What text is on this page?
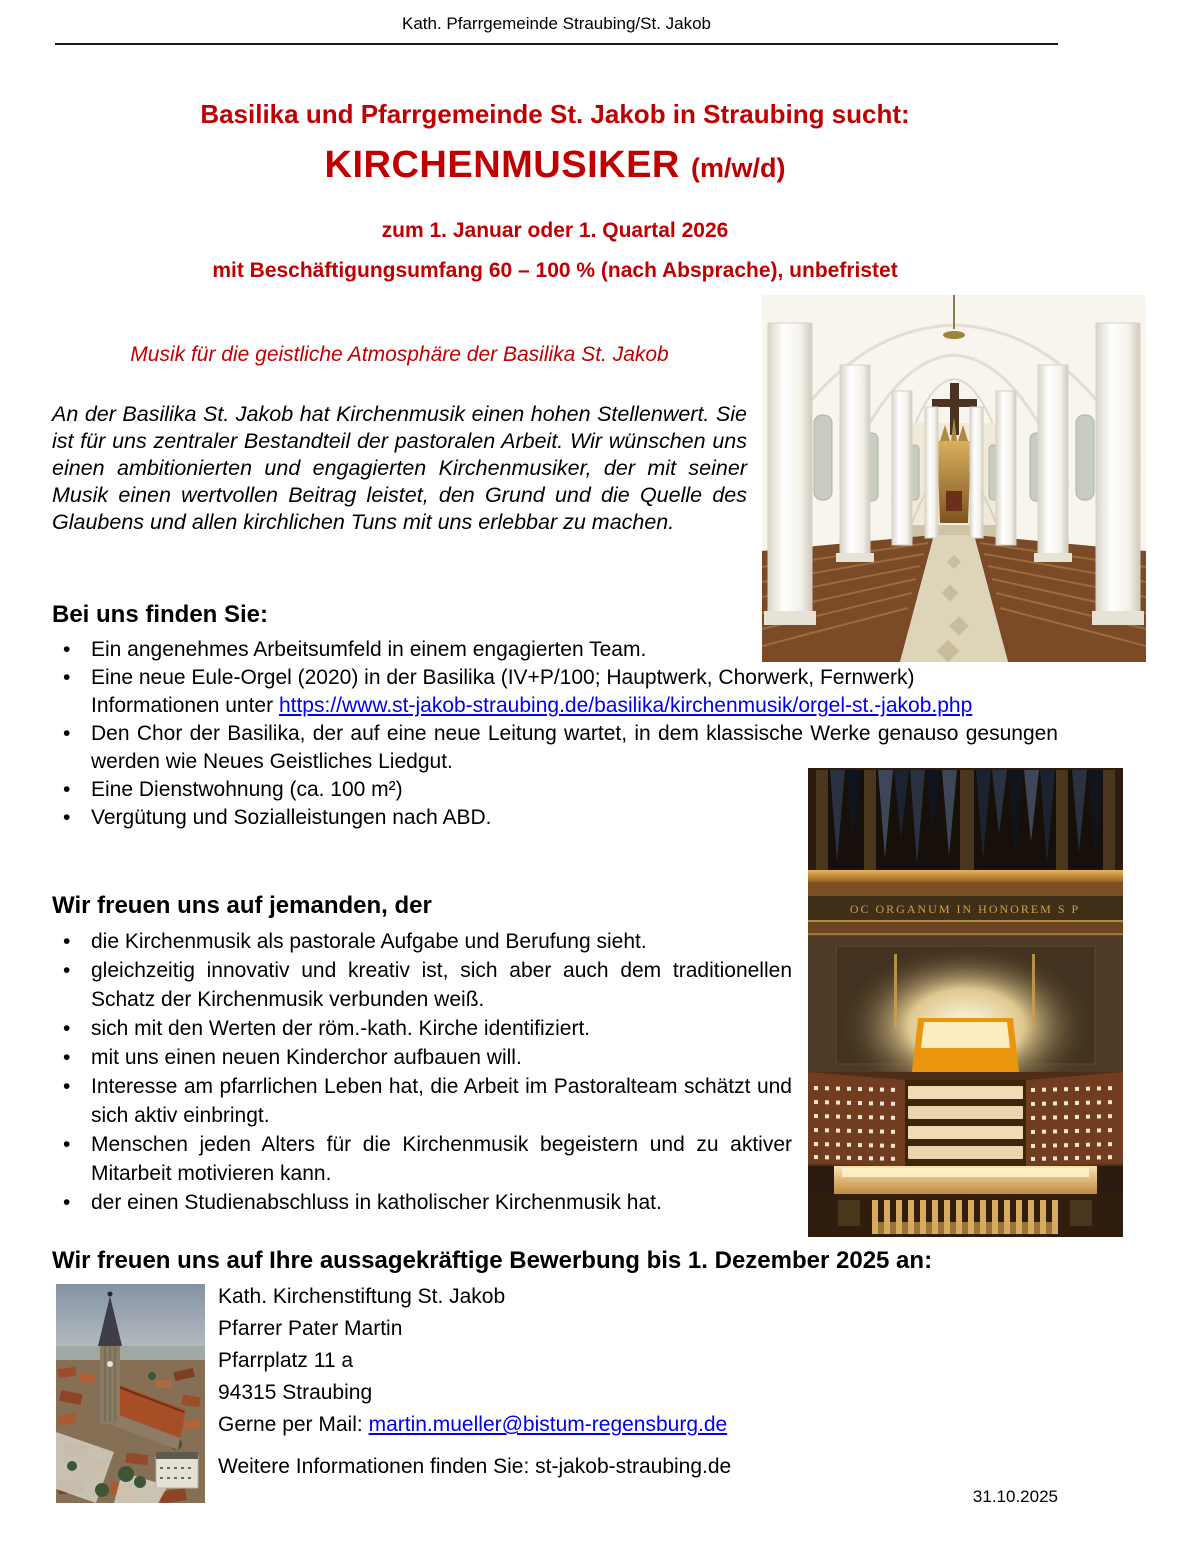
Kath. Pfarrgemeinde Straubing/St. Jakob
Basilika und Pfarrgemeinde St. Jakob in Straubing sucht:
KIRCHENMUSIKER (m/w/d)
zum 1. Januar oder 1. Quartal 2026
mit Beschäftigungsumfang 60 – 100 % (nach Absprache), unbefristet
Musik für die geistliche Atmosphäre der Basilika St. Jakob

An der Basilika St. Jakob hat Kirchenmusik einen hohen Stellenwert. Sie ist für uns zentraler Bestandteil der pastoralen Arbeit. Wir wünschen uns einen ambitionierten und engagierten Kirchenmusiker, der mit seiner Musik einen wertvollen Beitrag leistet, den Grund und die Quelle des Glaubens und allen kirchlichen Tuns mit uns erlebbar zu machen.

Bei uns finden Sie:
• Ein angenehmes Arbeitsumfeld in einem engagierten Team.
• Eine neue Eule-Orgel (2020) in der Basilika (IV+P/100; Hauptwerk, Chorwerk, Fernwerk)
Informationen unter https://www.st-jakob-straubing.de/basilika/kirchenmusik/orgel-st.-jakob.php
• Den Chor der Basilika, der auf eine neue Leitung wartet, in dem klassische Werke genauso gesungen werden wie Neues Geistliches Liedgut.
• Eine Dienstwohnung (ca. 100 m²)
• Vergütung und Sozialleistungen nach ABD.
OC ORGANUM IN HONOREM S P
Wir freuen uns auf jemanden, der
• die Kirchenmusik als pastorale Aufgabe und Berufung sieht.
• gleichzeitig innovativ und kreativ ist, sich aber auch dem traditionellen Schatz der Kirchenmusik verbunden weiß.
• sich mit den Werten der röm.-kath. Kirche identifiziert.
• mit uns einen neuen Kinderchor aufbauen will.
• Interesse am pfarrlichen Leben hat, die Arbeit im Pastoralteam schätzt und sich aktiv einbringt.
• Menschen jeden Alters für die Kirchenmusik begeistern und zu aktiver Mitarbeit motivieren kann.
• der einen Studienabschluss in katholischer Kirchenmusik hat.
Wir freuen uns auf Ihre aussagekräftige Bewerbung bis 1. Dezember 2025 an:
Kath. Kirchenstiftung St. Jakob
Pfarrer Pater Martin
Pfarrplatz 11 a
94315 Straubing
Gerne per Mail: martin.mueller@bistum-regensburg.de
Weitere Informationen finden Sie: st-jakob-straubing.de
31.10.2025
